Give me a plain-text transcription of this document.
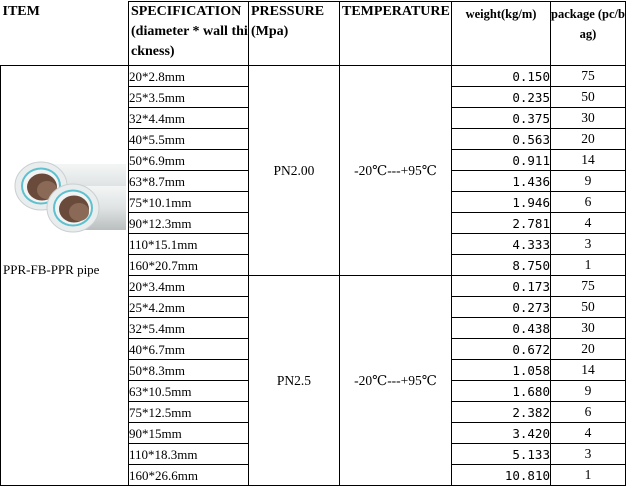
ITEM	SPECIFICATION (diameter * wall thickness)	PRESSURE (Mpa)	TEMPERATURE	weight(kg/m)	package (pc/bag)

PPR-FB-PPR pipe	20*2.8mm	PN2.00	-20℃---+95℃	0.150	75
	25*3.5mm			0.235	50
	32*4.4mm			0.375	30
	40*5.5mm			0.563	20
	50*6.9mm			0.911	14
	63*8.7mm			1.436	9
	75*10.1mm			1.946	6
	90*12.3mm			2.781	4
	110*15.1mm			4.333	3
	160*20.7mm			8.750	1
	20*3.4mm	PN2.5	-20℃---+95℃	0.173	75
	25*4.2mm			0.273	50
	32*5.4mm			0.438	30
	40*6.7mm			0.672	20
	50*8.3mm			1.058	14
	63*10.5mm			1.680	9
	75*12.5mm			2.382	6
	90*15mm			3.420	4
	110*18.3mm			5.133	3
	160*26.6mm			10.810	1
